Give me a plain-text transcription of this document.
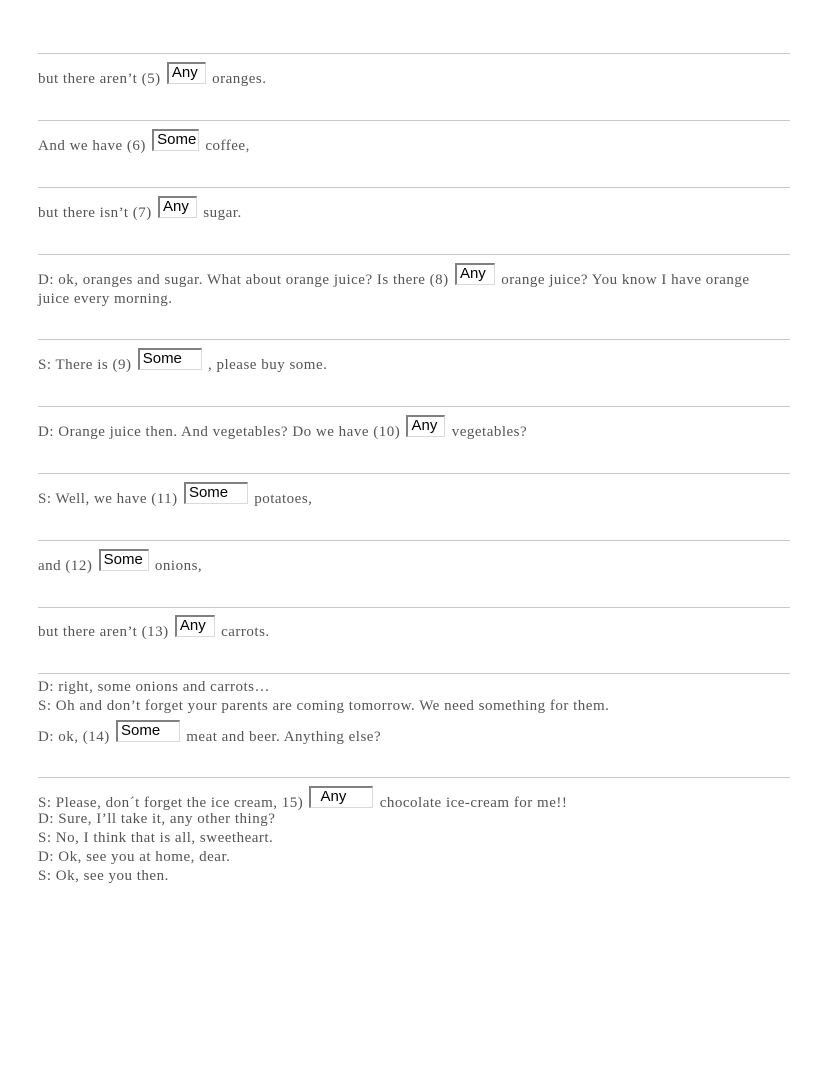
but there aren’t (5) Any oranges.
And we have (6) Some coffee,
but there isn’t (7) Any sugar.
D: ok, oranges and sugar. What about orange juice? Is there (8) Any orange juice? You know I have orange juice every morning.
S: There is (9) Some , please buy some.
D: Orange juice then. And vegetables? Do we have (10) Any vegetables?
S: Well, we have (11) Some potatoes,
and (12) Some onions,
but there aren’t (13) Any carrots.
D: right, some onions and carrots…
S: Oh and don’t forget your parents are coming tomorrow. We need something for them.
D: ok, (14) Some meat and beer. Anything else?
S: Please, don´t forget the ice cream, 15) Any chocolate ice-cream for me!!
D: Sure, I’ll take it, any other thing?
S: No, I think that is all, sweetheart.
D: Ok, see you at home, dear.
S: Ok, see you then.
